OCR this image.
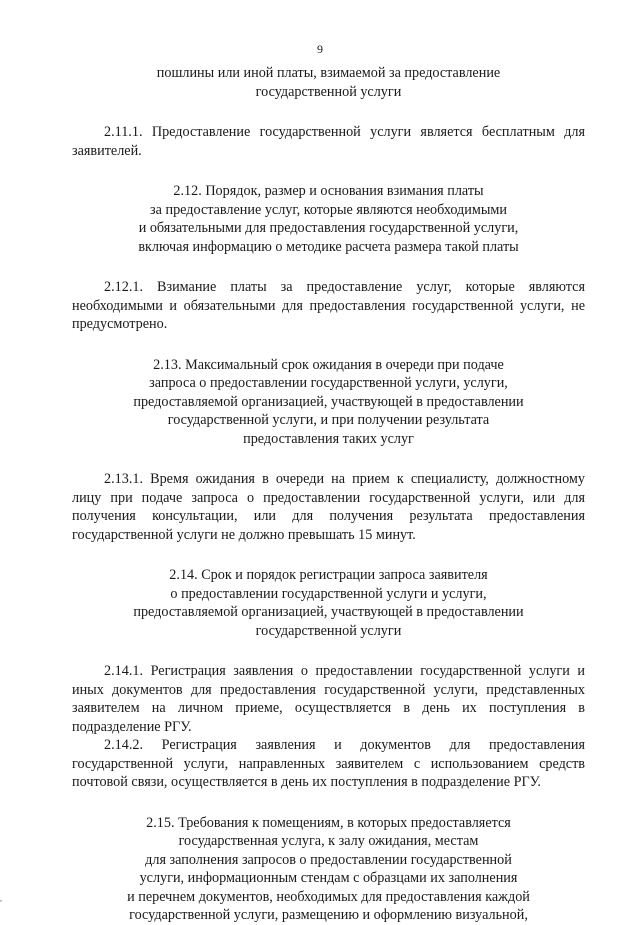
9
пошлины или иной платы, взимаемой за предоставление
государственной услуги

2.11.1. Предоставление государственной услуги является бесплатным для заявителей.

2.12. Порядок, размер и основания взимания платы
за предоставление услуг, которые являются необходимыми
и обязательными для предоставления государственной услуги,
включая информацию о методике расчета размера такой платы

2.12.1. Взимание платы за предоставление услуг, которые являются необходимыми и обязательными для предоставления государственной услуги, не предусмотрено.

2.13. Максимальный срок ожидания в очереди при подаче
запроса о предоставлении государственной услуги, услуги,
предоставляемой организацией, участвующей в предоставлении
государственной услуги, и при получении результата
предоставления таких услуг

2.13.1. Время ожидания в очереди на прием к специалисту, должностному лицу при подаче запроса о предоставлении государственной услуги, или для получения консультации, или для получения результата предоставления государственной услуги не должно превышать 15 минут.

2.14. Срок и порядок регистрации запроса заявителя
о предоставлении государственной услуги и услуги,
предоставляемой организацией, участвующей в предоставлении
государственной услуги

2.14.1. Регистрация заявления о предоставлении государственной услуги и иных документов для предоставления государственной услуги, представленных заявителем на личном приеме, осуществляется в день их поступления в подразделение РГУ.

2.14.2. Регистрация заявления и документов для предоставления государственной услуги, направленных заявителем с использованием средств почтовой связи, осуществляется в день их поступления в подразделение РГУ.

2.15. Требования к помещениям, в которых предоставляется
государственная услуга, к залу ожидания, местам
для заполнения запросов о предоставлении государственной
услуги, информационным стендам с образцами их заполнения
и перечнем документов, необходимых для предоставления каждой
государственной услуги, размещению и оформлению визуальной,
,
